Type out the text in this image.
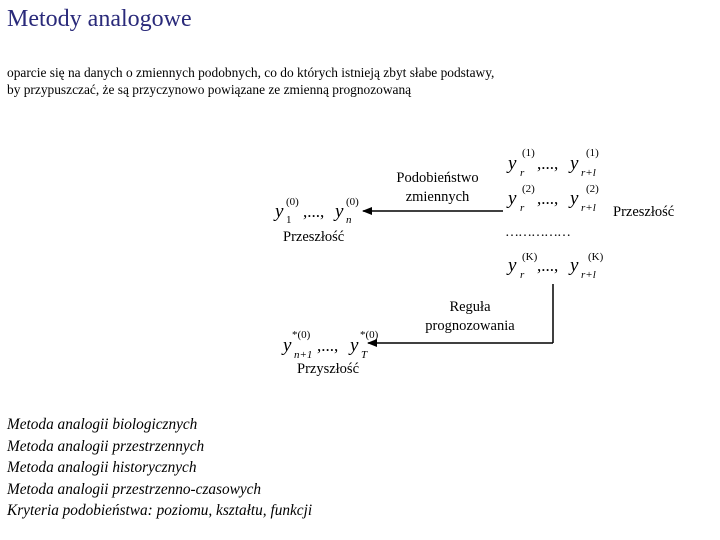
Metody analogowe
oparcie się na danych o zmiennych podobnych, co do których istnieją zbyt słabe podstawy,
by przypuszczać, że są przyczynowo powiązane ze zmienną prognozowaną
y 1
(0) ,..., y n
(0)
Przeszłość
Podobieństwo
zmiennych
y r
(1)
,..., y r+l
(1)
y r
(2) ,..., y r+l
(2)
……………
y r
(K) ,..., y r+l
(K)
Przeszłość
Reguła
prognozowania
y n+1
*(0)
,..., y T
*(0)
Przyszłość
Metoda analogii biologicznych
Metoda analogii przestrzennych
Metoda analogii historycznych
Metoda analogii przestrzenno-czasowych
Kryteria podobieństwa: poziomu, kształtu, funkcji
